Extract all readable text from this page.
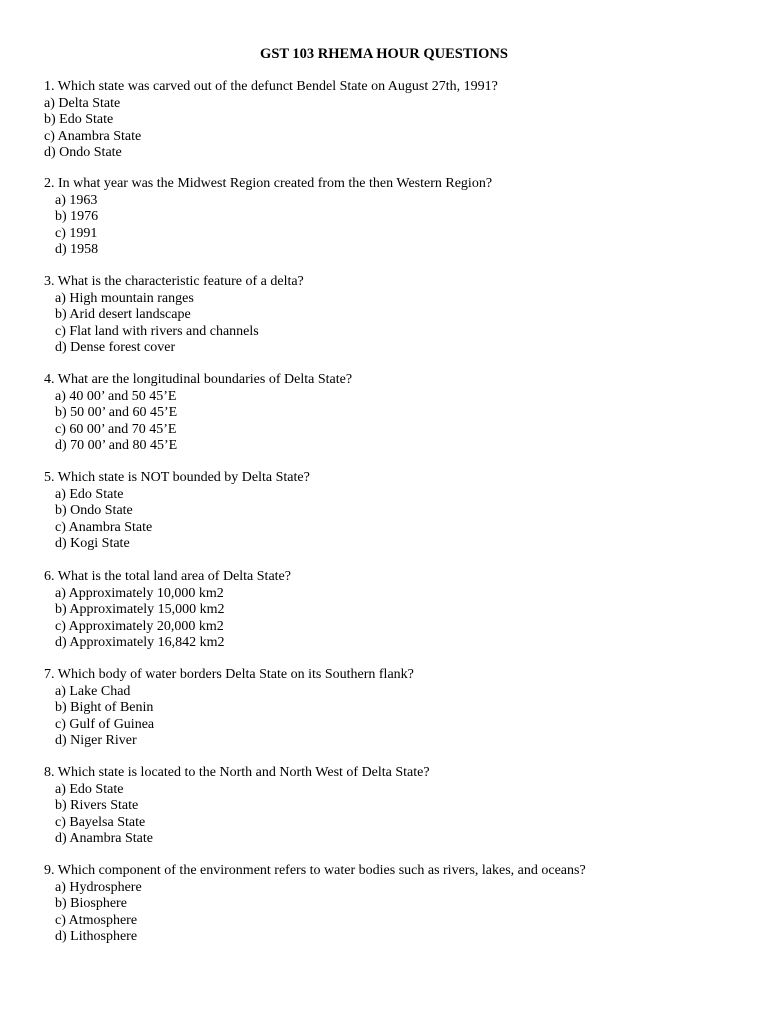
GST 103 RHEMA HOUR QUESTIONS
1. Which state was carved out of the defunct Bendel State on August 27th, 1991?
a) Delta State
b) Edo State
c) Anambra State
d) Ondo State
2. In what year was the Midwest Region created from the then Western Region?
a) 1963
b) 1976
c) 1991
d) 1958
3. What is the characteristic feature of a delta?
a) High mountain ranges
b) Arid desert landscape
c) Flat land with rivers and channels
d) Dense forest cover
4. What are the longitudinal boundaries of Delta State?
a) 40 00’ and 50 45’E
b) 50 00’ and 60 45’E
c) 60 00’ and 70 45’E
d) 70 00’ and 80 45’E
5. Which state is NOT bounded by Delta State?
a) Edo State
b) Ondo State
c) Anambra State
d) Kogi State
6. What is the total land area of Delta State?
a) Approximately 10,000 km2
b) Approximately 15,000 km2
c) Approximately 20,000 km2
d) Approximately 16,842 km2
7. Which body of water borders Delta State on its Southern flank?
a) Lake Chad
b) Bight of Benin
c) Gulf of Guinea
d) Niger River
8. Which state is located to the North and North West of Delta State?
a) Edo State
b) Rivers State
c) Bayelsa State
d) Anambra State
9. Which component of the environment refers to water bodies such as rivers, lakes, and oceans?
a) Hydrosphere
b) Biosphere
c) Atmosphere
d) Lithosphere
